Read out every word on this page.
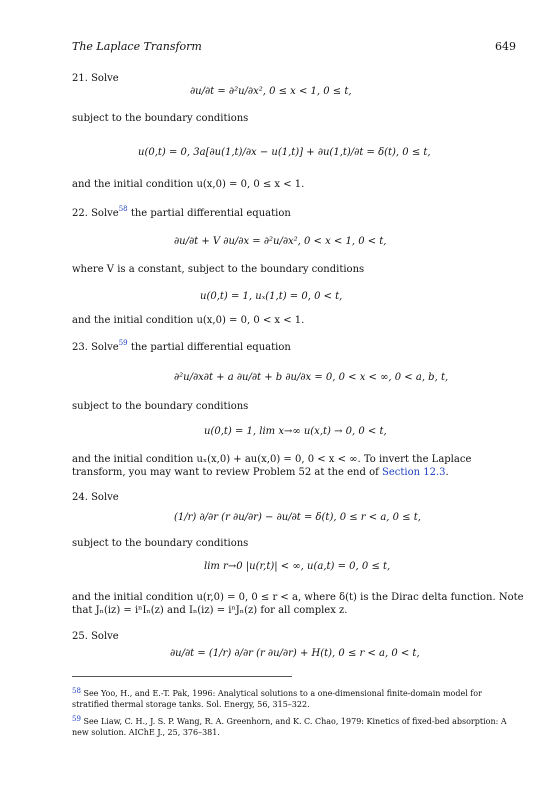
The Laplace Transform	649
21. Solve
∂u/∂t = ∂²u/∂x², 0 ≤ x < 1, 0 ≤ t,
subject to the boundary conditions
u(0,t) = 0, 3a[∂u(1,t)/∂x − u(1,t)] + ∂u(1,t)/∂t = δ(t), 0 ≤ t,
and the initial condition u(x,0) = 0, 0 ≤ x < 1.
22. Solve$^{58}$ the partial differential equation
∂u/∂t + V ∂u/∂x = ∂²u/∂x², 0 < x < 1, 0 < t,
where V is a constant, subject to the boundary conditions
u(0,t) = 1, uₓ(1,t) = 0, 0 < t,
and the initial condition u(x,0) = 0, 0 < x < 1.
23. Solve$^{59}$ the partial differential equation
∂²u/∂x∂t + a ∂u/∂t + b ∂u/∂x = 0, 0 < x < ∞, 0 < a, b, t,
subject to the boundary conditions
u(0,t) = 1, lim x→∞ u(x,t) → 0, 0 < t,
and the initial condition uₓ(x,0) + au(x,0) = 0, 0 < x < ∞. To invert the Laplace
transform, you may want to review Problem 52 at the end of Section 12.3.
24. Solve
(1/r) ∂/∂r (r ∂u/∂r) − ∂u/∂t = δ(t), 0 ≤ r < a, 0 ≤ t,
subject to the boundary conditions
lim r→0 |u(r,t)| < ∞, u(a,t) = 0, 0 ≤ t,
and the initial condition u(r,0) = 0, 0 ≤ r < a, where δ(t) is the Dirac delta function. Note
that Jₙ(iz) = iⁿIₙ(z) and Iₙ(iz) = iⁿJₙ(z) for all complex z.
25. Solve
∂u/∂t = (1/r) ∂/∂r (r ∂u/∂r) + H(t), 0 ≤ r < a, 0 < t,
58 See Yoo, H., and E.-T. Pak, 1996: Analytical solutions to a one-dimensional finite-domain model for stratified thermal storage tanks. Sol. Energy, 56, 315–322.
59 See Liaw, C. H., J. S. P. Wang, R. A. Greenhorn, and K. C. Chao, 1979: Kinetics of fixed-bed absorption: A new solution. AIChE J., 25, 376–381.
